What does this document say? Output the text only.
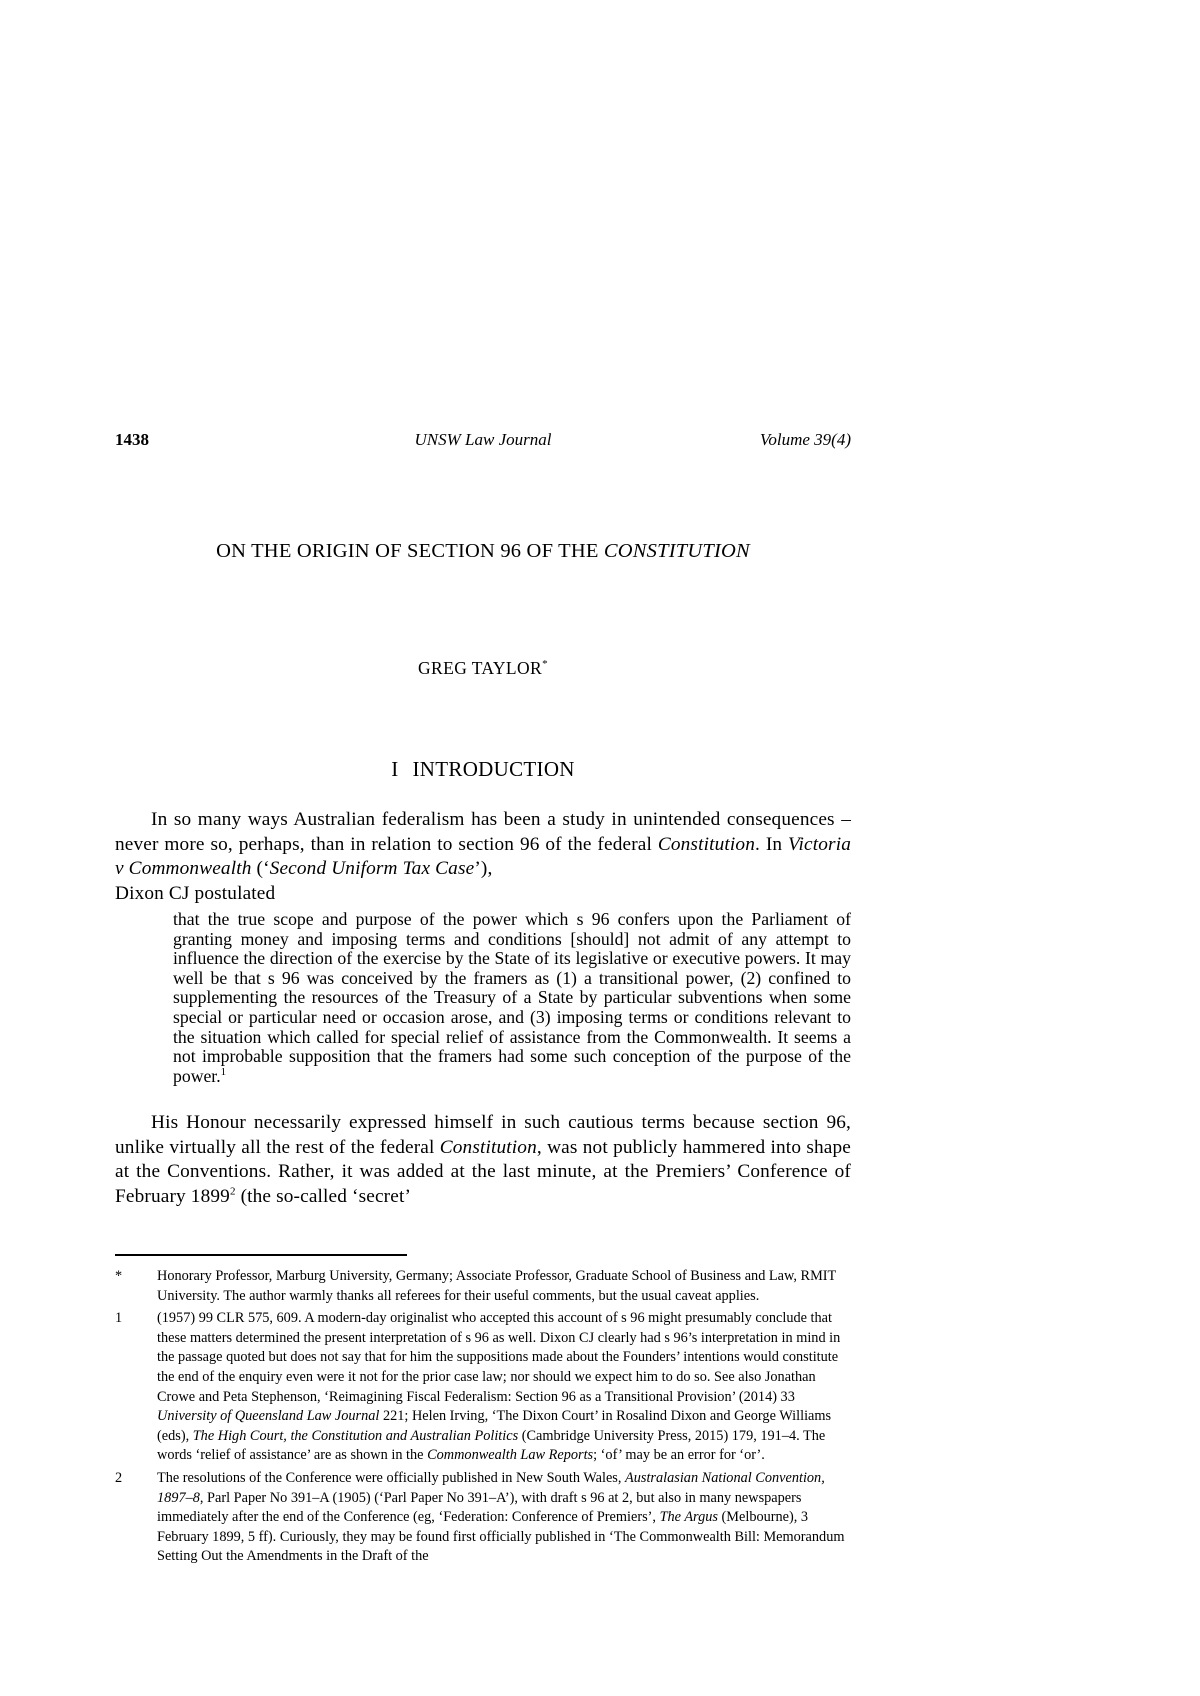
1438	UNSW Law Journal	Volume 39(4)
ON THE ORIGIN OF SECTION 96 OF THE CONSTITUTION
GREG TAYLOR*
I INTRODUCTION

In so many ways Australian federalism has been a study in unintended consequences – never more so, perhaps, than in relation to section 96 of the federal Constitution. In Victoria v Commonwealth (‘Second Uniform Tax Case’),
Dixon CJ postulated

that the true scope and purpose of the power which s 96 confers upon the Parliament of granting money and imposing terms and conditions [should] not admit of any attempt to influence the direction of the exercise by the State of its legislative or executive powers. It may well be that s 96 was conceived by the framers as (1) a transitional power, (2) confined to supplementing the resources of the Treasury of a State by particular subventions when some special or particular need or occasion arose, and (3) imposing terms or conditions relevant to the situation which called for special relief of assistance from the Commonwealth. It seems a not improbable supposition that the framers had some such conception of the purpose of the power.$^1$

His Honour necessarily expressed himself in such cautious terms because section 96, unlike virtually all the rest of the federal Constitution, was not publicly hammered into shape at the Conventions. Rather, it was added at the last minute, at the Premiers’ Conference of February 1899$^2$ (the so-called ‘secret’

* Honorary Professor, Marburg University, Germany; Associate Professor, Graduate School of Business and Law, RMIT University. The author warmly thanks all referees for their useful comments, but the usual caveat applies.
1 (1957) 99 CLR 575, 609. A modern-day originalist who accepted this account of s 96 might presumably conclude that these matters determined the present interpretation of s 96 as well. Dixon CJ clearly had s 96’s interpretation in mind in the passage quoted but does not say that for him the suppositions made about the Founders’ intentions would constitute the end of the enquiry even were it not for the prior case law; nor should we expect him to do so. See also Jonathan Crowe and Peta Stephenson, ‘Reimagining Fiscal Federalism: Section 96 as a Transitional Provision’ (2014) 33 University of Queensland Law Journal 221; Helen Irving, ‘The Dixon Court’ in Rosalind Dixon and George Williams (eds), The High Court, the Constitution and Australian Politics (Cambridge University Press, 2015) 179, 191–4. The words ‘relief of assistance’ are as shown in the Commonwealth Law Reports; ‘of’ may be an error for ‘or’.
2 The resolutions of the Conference were officially published in New South Wales, Australasian National Convention, 1897–8, Parl Paper No 391–A (1905) (‘Parl Paper No 391–A’), with draft s 96 at 2, but also in many newspapers immediately after the end of the Conference (eg, ‘Federation: Conference of Premiers’, The Argus (Melbourne), 3 February 1899, 5 ff). Curiously, they may be found first officially published in ‘The Commonwealth Bill: Memorandum Setting Out the Amendments in the Draft of the
